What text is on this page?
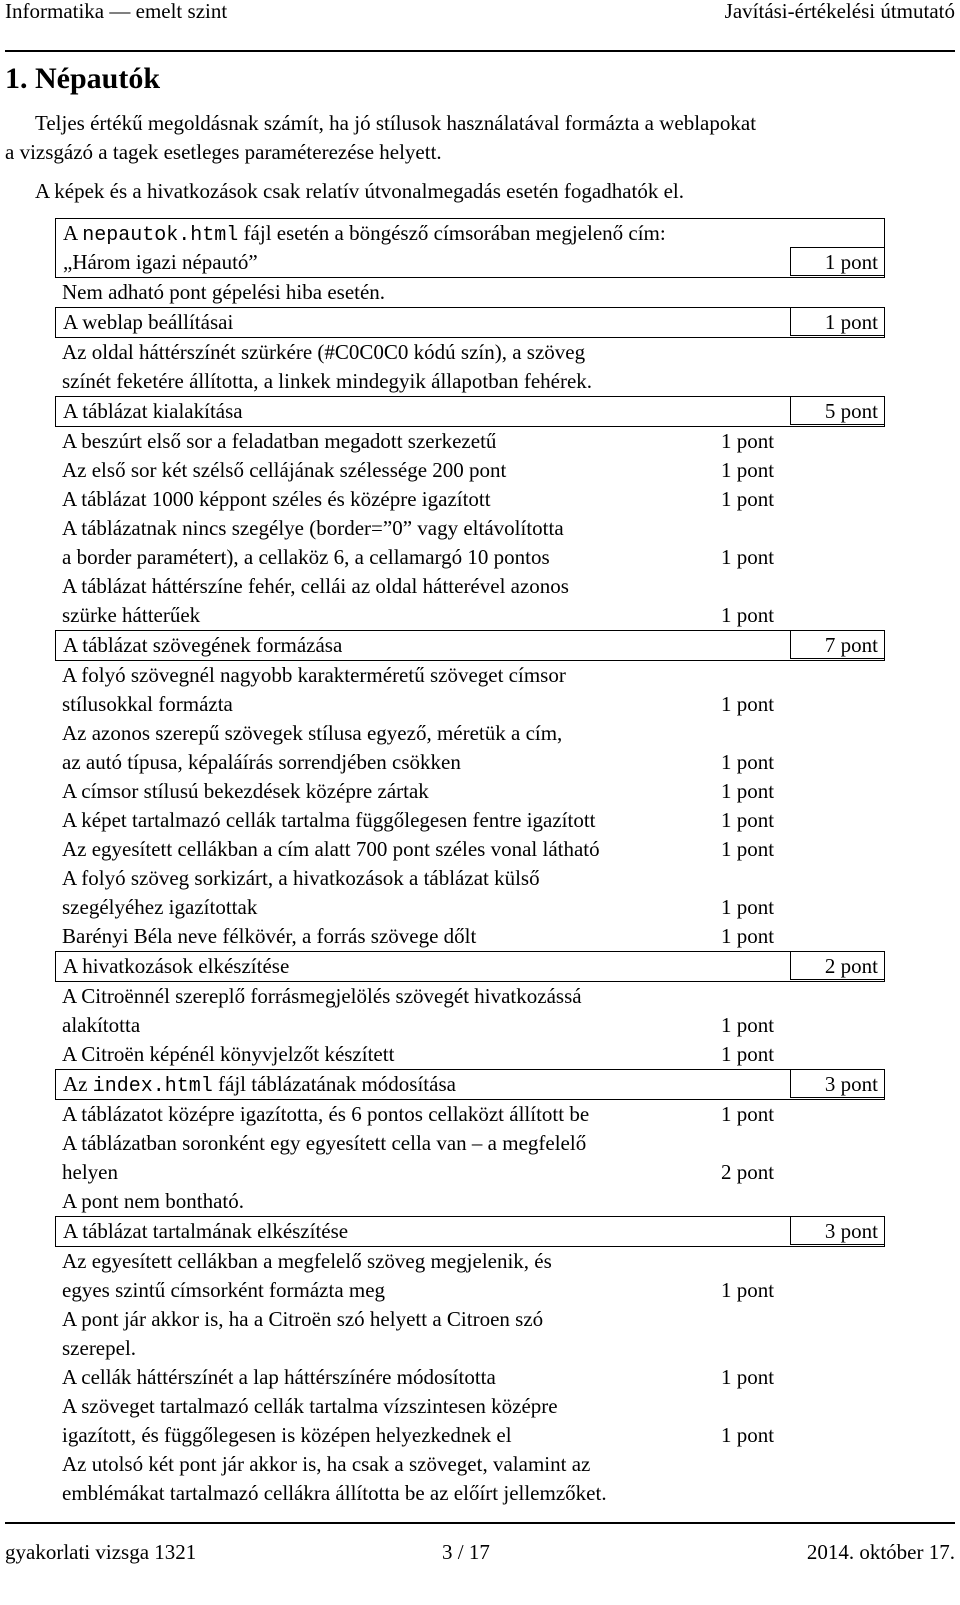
Informatika — emelt szint	Javítási-értékelési útmutató
1. Népautók
Teljes értékű megoldásnak számít, ha jó stílusok használatával formázta a weblapokat
a vizsgázó a tagek esetleges paraméterezése helyett.
A képek és a hivatkozások csak relatív útvonalmegadás esetén fogadhatók el.
A nepautok.html fájl esetén a böngésző címsorában megjelenő cím:
„Három igazi népautó”	1 pont
Nem adható pont gépelési hiba esetén.
A weblap beállításai	1 pont
Az oldal háttérszínét szürkére (#C0C0C0 kódú szín), a szöveg
színét feketére állította, a linkek mindegyik állapotban fehérek.
A táblázat kialakítása	5 pont
A beszúrt első sor a feladatban megadott szerkezetű	1 pont
Az első sor két szélső cellájának szélessége 200 pont	1 pont
A táblázat 1000 képpont széles és középre igazított	1 pont
A táblázatnak nincs szegélye (border=”0” vagy eltávolította
a border paramétert), a cellaköz 6, a cellamargó 10 pontos	1 pont
A táblázat háttérszíne fehér, cellái az oldal hátterével azonos
szürke hátterűek	1 pont
A táblázat szövegének formázása	7 pont
A folyó szövegnél nagyobb karakterméretű szöveget címsor
stílusokkal formázta	1 pont
Az azonos szerepű szövegek stílusa egyező, méretük a cím,
az autó típusa, képaláírás sorrendjében csökken	1 pont
A címsor stílusú bekezdések középre zártak	1 pont
A képet tartalmazó cellák tartalma függőlegesen fentre igazított	1 pont
Az egyesített cellákban a cím alatt 700 pont széles vonal látható	1 pont
A folyó szöveg sorkizárt, a hivatkozások a táblázat külső
szegélyéhez igazítottak	1 pont
Barényi Béla neve félkövér, a forrás szövege dőlt	1 pont
A hivatkozások elkészítése	2 pont
A Citroënnél szereplő forrásmegjelölés szövegét hivatkozássá
alakította	1 pont
A Citroën képénél könyvjelzőt készített	1 pont
Az index.html fájl táblázatának módosítása	3 pont
A táblázatot középre igazította, és 6 pontos cellaközt állított be	1 pont
A táblázatban soronként egy egyesített cella van – a megfelelő
helyen	2 pont
A pont nem bontható.
A táblázat tartalmának elkészítése	3 pont
Az egyesített cellákban a megfelelő szöveg megjelenik, és
egyes szintű címsorként formázta meg	1 pont
A pont jár akkor is, ha a Citroën szó helyett a Citroen szó
szerepel.
A cellák háttérszínét a lap háttérszínére módosította	1 pont
A szöveget tartalmazó cellák tartalma vízszintesen középre
igazított, és függőlegesen is középen helyezkednek el	1 pont
Az utolsó két pont jár akkor is, ha csak a szöveget, valamint az
emblémákat tartalmazó cellákra állította be az előírt jellemzőket.
gyakorlati vizsga 1321	3 / 17	2014. október 17.
